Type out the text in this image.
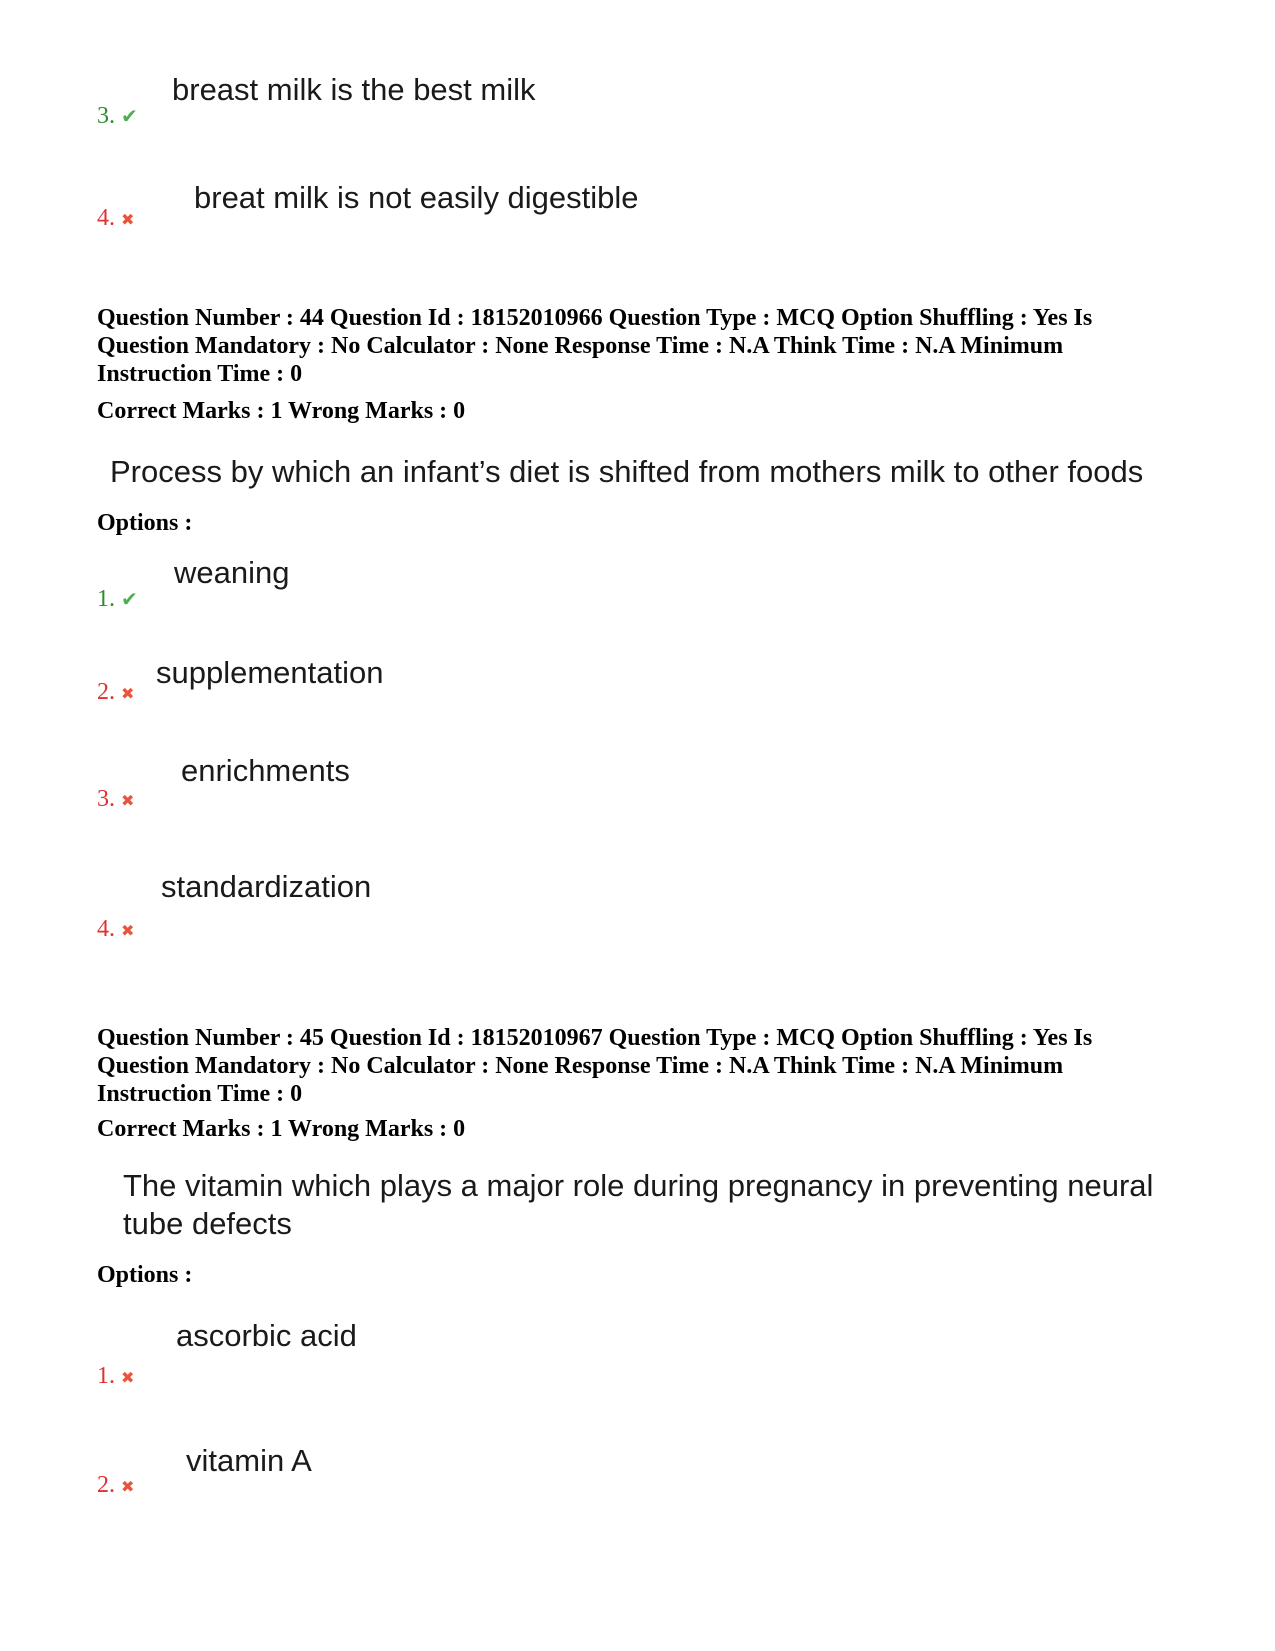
3. ✔
breast milk is the best milk
4. ✖
breat milk is not easily digestible
Question Number : 44 Question Id : 18152010966 Question Type : MCQ Option Shuffling : Yes Is Question Mandatory : No Calculator : None Response Time : N.A Think Time : N.A Minimum Instruction Time : 0
Correct Marks : 1 Wrong Marks : 0
Process by which an infant’s diet is shifted from mothers milk to other foods
Options :
1. ✔
weaning
2. ✖
supplementation
3. ✖
enrichments
4. ✖
standardization
Question Number : 45 Question Id : 18152010967 Question Type : MCQ Option Shuffling : Yes Is Question Mandatory : No Calculator : None Response Time : N.A Think Time : N.A Minimum Instruction Time : 0
Correct Marks : 1 Wrong Marks : 0
The vitamin which plays a major role during pregnancy in preventing neural tube defects
Options :
1. ✖
ascorbic acid
2. ✖
vitamin A
